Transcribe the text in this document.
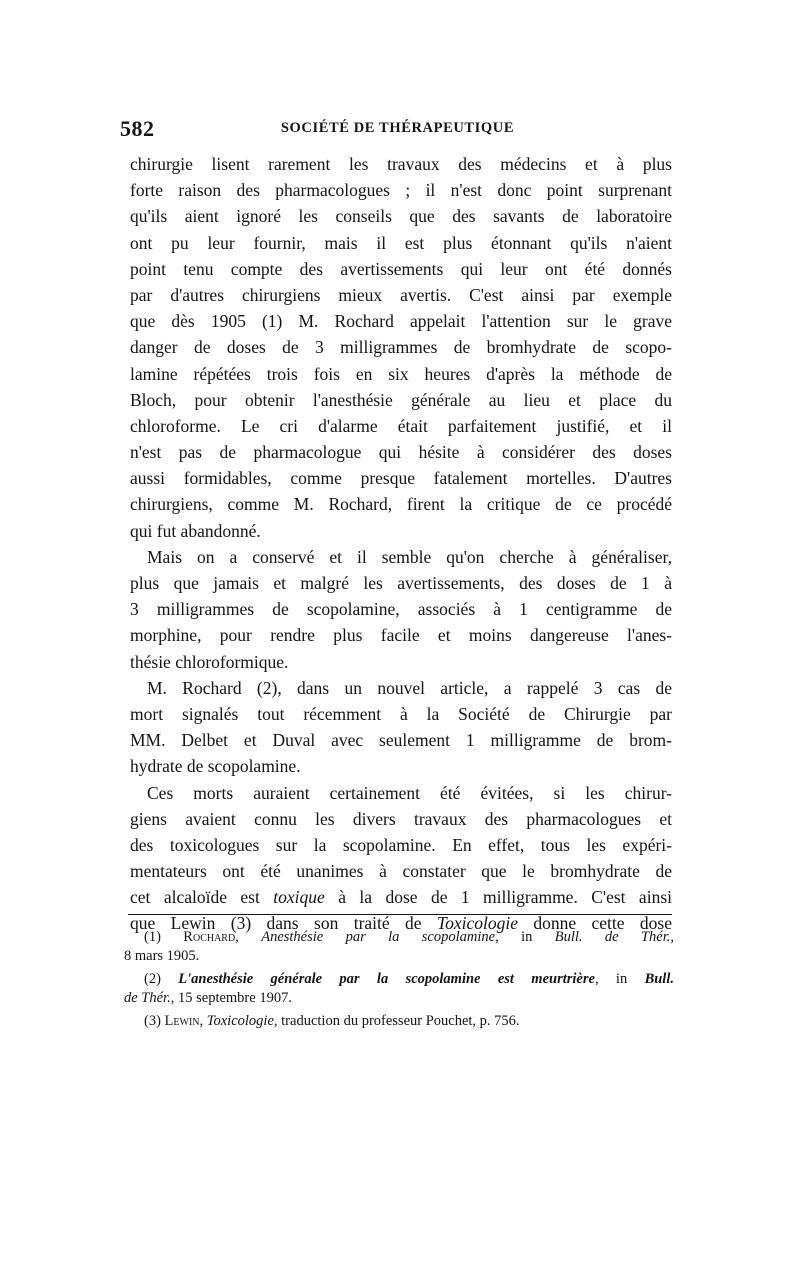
582	SOCIÉTÉ DE THÉRAPEUTIQUE
chirurgie lisent rarement les travaux des médecins et à plus
forte raison des pharmacologues ; il n'est donc point surprenant
qu'ils aient ignoré les conseils que des savants de laboratoire
ont pu leur fournir, mais il est plus étonnant qu'ils n'aient
point tenu compte des avertissements qui leur ont été donnés
par d'autres chirurgiens mieux avertis. C'est ainsi par exemple
que dès 1905 (1) M. Rochard appelait l'attention sur le grave
danger de doses de 3 milligrammes de bromhydrate de scopo-
lamine répétées trois fois en six heures d'après la méthode de
Bloch, pour obtenir l'anesthésie générale au lieu et place du
chloroforme. Le cri d'alarme était parfaitement justifié, et il
n'est pas de pharmacologue qui hésite à considérer des doses
aussi formidables, comme presque fatalement mortelles. D'autres
chirurgiens, comme M. Rochard, firent la critique de ce procédé
qui fut abandonné.
Mais on a conservé et il semble qu'on cherche à généraliser,
plus que jamais et malgré les avertissements, des doses de 1 à
3 milligrammes de scopolamine, associés à 1 centigramme de
morphine, pour rendre plus facile et moins dangereuse l'anes-
thésie chloroformique.
M. Rochard (2), dans un nouvel article, a rappelé 3 cas de
mort signalés tout récemment à la Société de Chirurgie par
MM. Delbet et Duval avec seulement 1 milligramme de brom-
hydrate de scopolamine.
Ces morts auraient certainement été évitées, si les chirur-
giens avaient connu les divers travaux des pharmacologues et
des toxicologues sur la scopolamine. En effet, tous les expéri-
mentateurs ont été unanimes à constater que le bromhydrate de
cet alcaloïde est toxique à la dose de 1 milligramme. C'est ainsi
que Lewin (3) dans son traité de Toxicologie donne cette dose
(1) Rochard, Anesthésie par la scopolamine, in Bull. de Thér.,
8 mars 1905.
(2) L'anesthésie générale par la scopolamine est meurtrière, in Bull.
de Thér., 15 septembre 1907.
(3) Lewin, Toxicologie, traduction du professeur Pouchet, p. 756.
